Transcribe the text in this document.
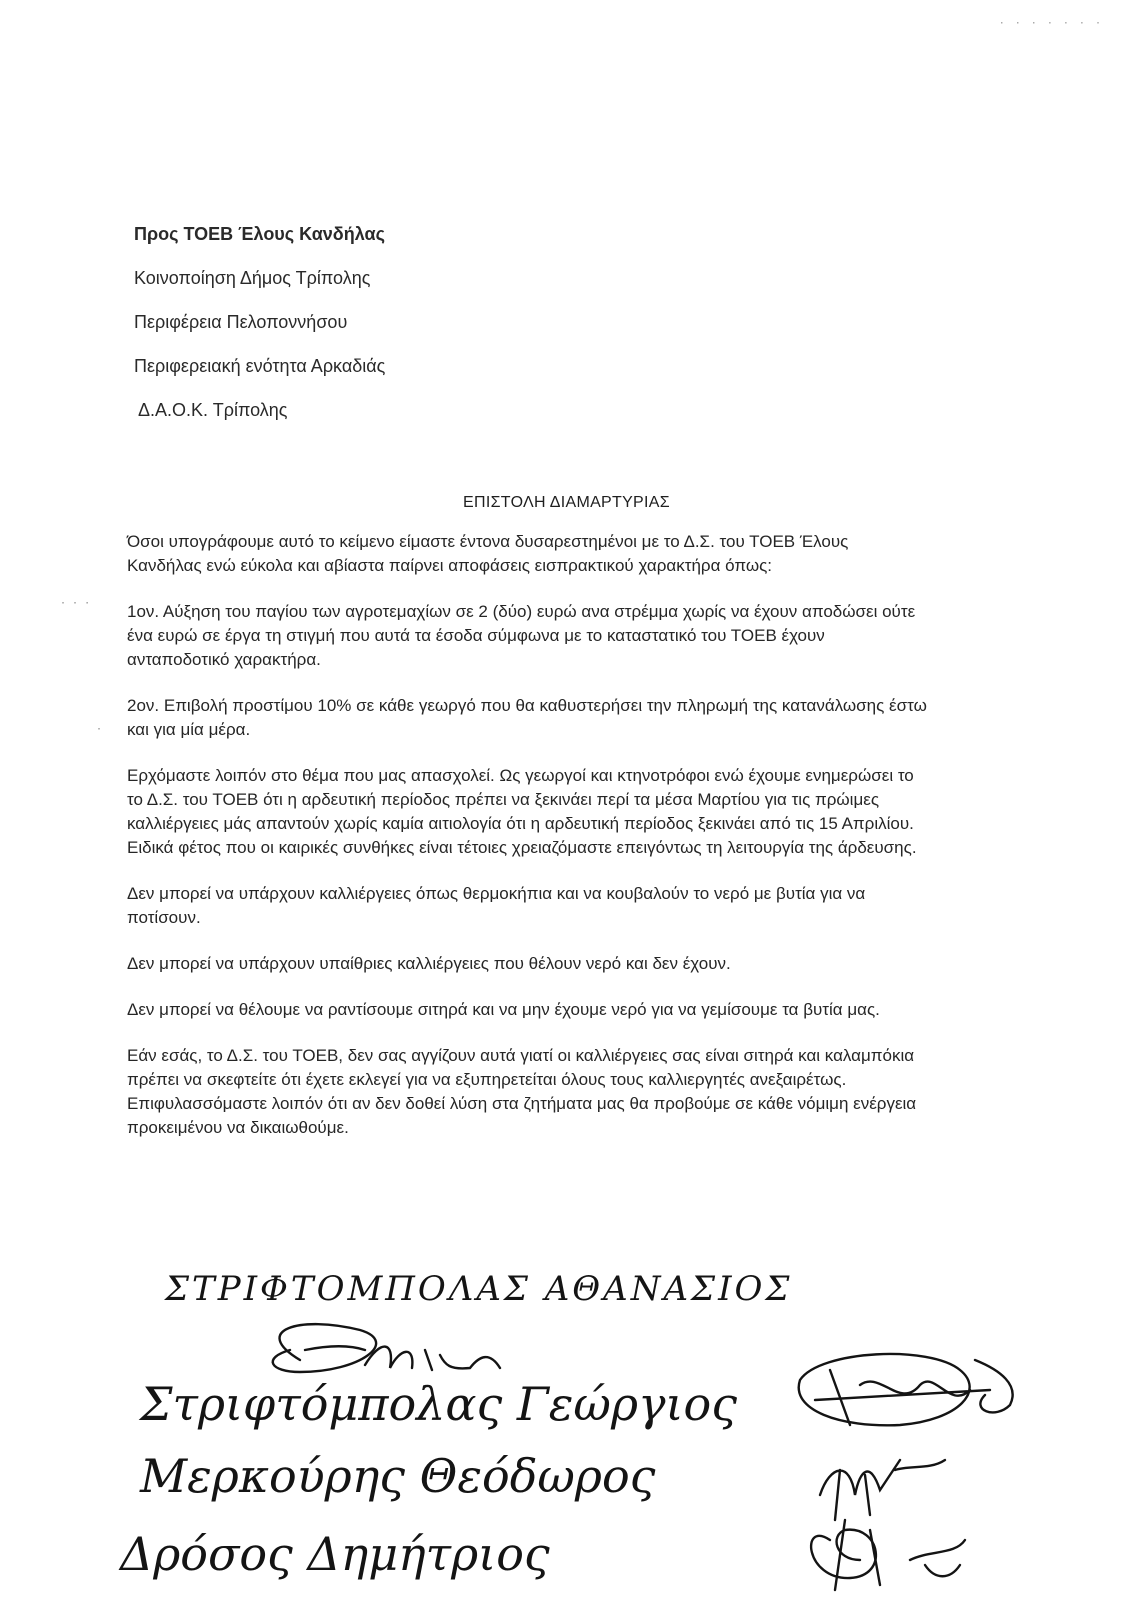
· · · · · · ·
· · ·
·
Προς ΤΟΕΒ Έλους Κανδήλας
Κοινοποίηση Δήμος Τρίπολης
Περιφέρεια Πελοποννήσου
Περιφερειακή ενότητα Αρκαδιάς
Δ.Α.Ο.Κ. Τρίπολης
ΕΠΙΣΤΟΛΗ ΔΙΑΜΑΡΤΥΡΙΑΣ

Όσοι υπογράφουμε αυτό το κείμενο είμαστε έντονα δυσαρεστημένοι με το Δ.Σ. του ΤΟΕΒ Έλους Κανδήλας ενώ εύκολα και αβίαστα παίρνει αποφάσεις εισπρακτικού χαρακτήρα όπως:

1ον. Αύξηση του παγίου των αγροτεμαχίων σε 2 (δύο) ευρώ ανα στρέμμα χωρίς να έχουν αποδώσει ούτε ένα ευρώ σε έργα τη στιγμή που αυτά τα έσοδα σύμφωνα με το καταστατικό του ΤΟΕΒ έχουν ανταποδοτικό χαρακτήρα.

2ον. Επιβολή προστίμου 10% σε κάθε γεωργό που θα καθυστερήσει την πληρωμή της κατανάλωσης έστω και για μία μέρα.

Ερχόμαστε λοιπόν στο θέμα που μας απασχολεί. Ως γεωργοί και κτηνοτρόφοι ενώ έχουμε ενημερώσει το το Δ.Σ. του ΤΟΕΒ ότι η αρδευτική περίοδος πρέπει να ξεκινάει περί τα μέσα Μαρτίου για τις πρώιμες καλλιέργειες μάς απαντούν χωρίς καμία αιτιολογία ότι η αρδευτική περίοδος ξεκινάει από τις 15 Απριλίου. Ειδικά φέτος που οι καιρικές συνθήκες είναι τέτοιες χρειαζόμαστε επειγόντως τη λειτουργία της άρδευσης.

Δεν μπορεί να υπάρχουν καλλιέργειες όπως θερμοκήπια και να κουβαλούν το νερό με βυτία για να ποτίσουν.

Δεν μπορεί να υπάρχουν υπαίθριες καλλιέργειες που θέλουν νερό και δεν έχουν.

Δεν μπορεί να θέλουμε να ραντίσουμε σιτηρά και να μην έχουμε νερό για να γεμίσουμε τα βυτία μας.

Εάν εσάς, το Δ.Σ. του ΤΟΕΒ, δεν σας αγγίζουν αυτά γιατί οι καλλιέργειες σας είναι σιτηρά και καλαμπόκια πρέπει να σκεφτείτε ότι έχετε εκλεγεί για να εξυπηρετείται όλους τους καλλιεργητές ανεξαιρέτως. Επιφυλασσόμαστε λοιπόν ότι αν δεν δοθεί λύση στα ζητήματα μας θα προβούμε σε κάθε νόμιμη ενέργεια προκειμένου να δικαιωθούμε.

ΣΤΡΙΦΤΟΜΠΟΛΑΣ ΑΘΑΝΑΣΙΟΣ
Στριφτόμπολας Γεώργιος
Μερκούρης Θεόδωρος
Δρόσος Δημήτριος
